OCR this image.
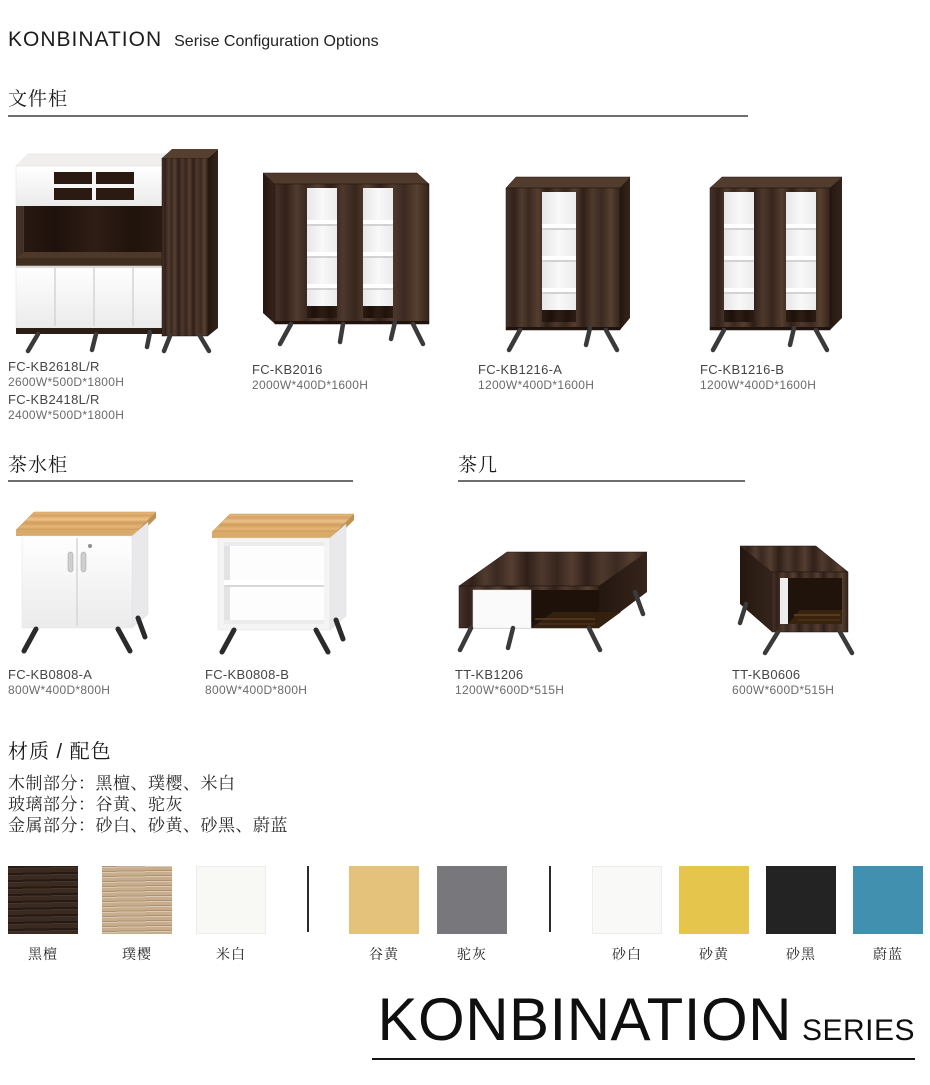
KONBINATION Serise Configuration Options
文件柜
FC-KB2618L/R
2600W*500D*1800H
FC-KB2418L/R
2400W*500D*1800H
FC-KB2016
2000W*400D*1600H
FC-KB1216-A
1200W*400D*1600H
FC-KB1216-B
1200W*400D*1600H
茶水柜	茶几
FC-KB0808-A
800W*400D*800H
FC-KB0808-B
800W*400D*800H
TT-KB1206
1200W*600D*515H
TT-KB0606
600W*600D*515H
材质 / 配色
木制部分：黑檀、璞樱、米白
玻璃部分：谷黄、驼灰
金属部分：砂白、砂黄、砂黑、蔚蓝
黑檀	璞樱	米白	谷黄	驼灰	砂白	砂黄	砂黑	蔚蓝
KONBINATION SERIES
